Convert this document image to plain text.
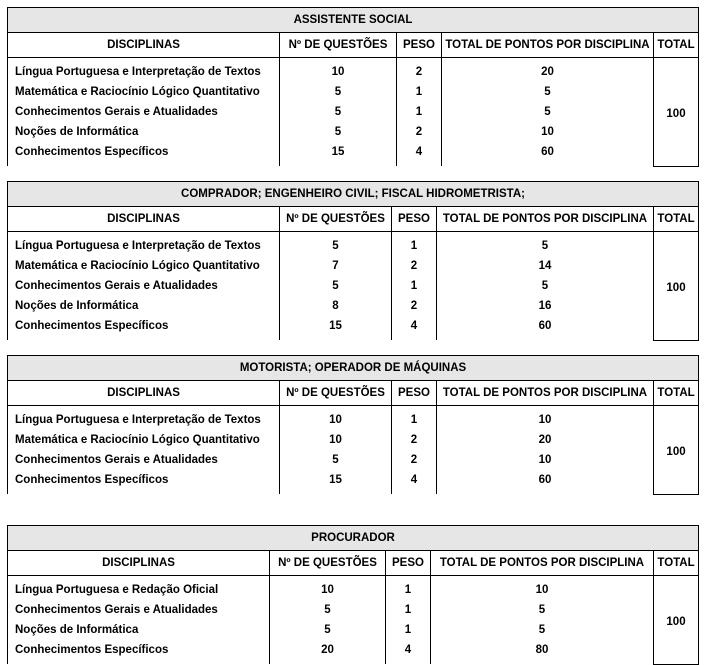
ASSISTENTE SOCIAL				
DISCIPLINAS	Nº DE QUESTÕES	PESO	TOTAL DE PONTOS POR DISCIPLINA	TOTAL
Língua Portuguesa e Interpretação de Textos	10	2	20	100
Matemática e Raciocínio Lógico Quantitativo	5	1	5	
Conhecimentos Gerais e Atualidades	5	1	5	
Noções de Informática	5	2	10	
Conhecimentos Específicos	15	4	60	
COMPRADOR; ENGENHEIRO CIVIL; FISCAL HIDROMETRISTA;				
DISCIPLINAS	Nº DE QUESTÕES	PESO	TOTAL DE PONTOS POR DISCIPLINA	TOTAL
Língua Portuguesa e Interpretação de Textos	5	1	5	100
Matemática e Raciocínio Lógico Quantitativo	7	2	14	
Conhecimentos Gerais e Atualidades	5	1	5	
Noções de Informática	8	2	16	
Conhecimentos Específicos	15	4	60	
MOTORISTA; OPERADOR DE MÁQUINAS				
DISCIPLINAS	Nº DE QUESTÕES	PESO	TOTAL DE PONTOS POR DISCIPLINA	TOTAL
Língua Portuguesa e Interpretação de Textos	10	1	10	100
Matemática e Raciocínio Lógico Quantitativo	10	2	20	
Conhecimentos Gerais e Atualidades	5	2	10	
Conhecimentos Específicos	15	4	60	
PROCURADOR				
DISCIPLINAS	Nº DE QUESTÕES	PESO	TOTAL DE PONTOS POR DISCIPLINA	TOTAL
Língua Portuguesa e Redação Oficial	10	1	10	100
Conhecimentos Gerais e Atualidades	5	1	5	
Noções de Informática	5	1	5	
Conhecimentos Específicos	20	4	80	
